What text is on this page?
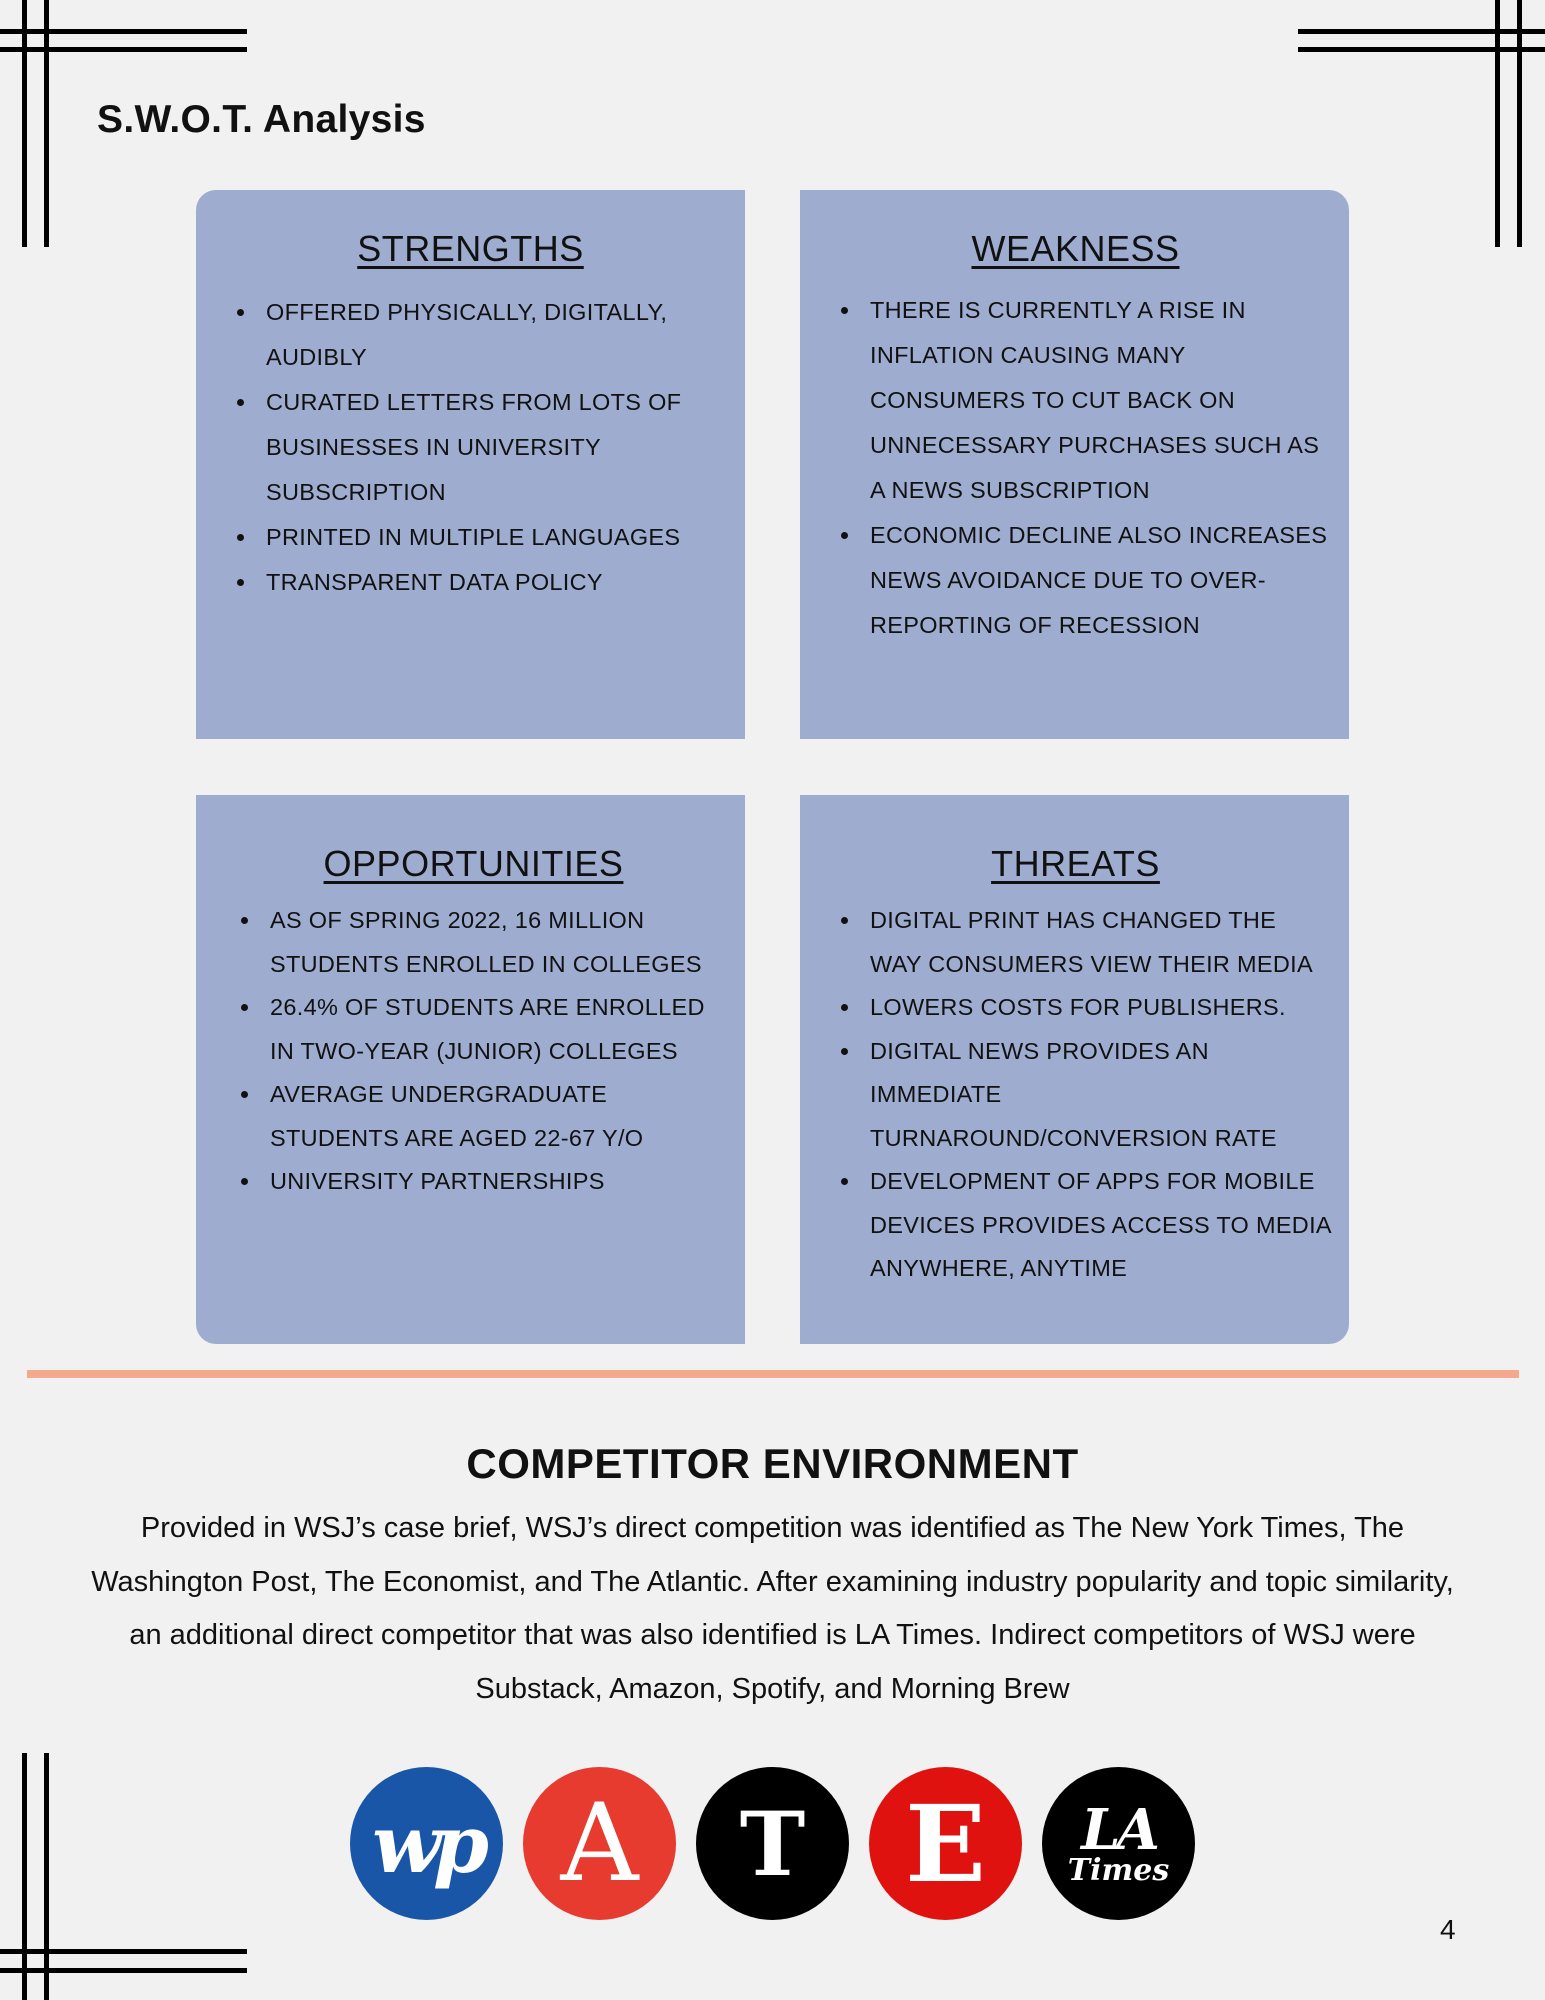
S.W.O.T. Analysis
STRENGTHS
• OFFERED PHYSICALLY, DIGITALLY, AUDIBLY
• CURATED LETTERS FROM LOTS OF BUSINESSES IN UNIVERSITY SUBSCRIPTION
• PRINTED IN MULTIPLE LANGUAGES
• TRANSPARENT DATA POLICY
WEAKNESS
• THERE IS CURRENTLY A RISE IN INFLATION CAUSING MANY CONSUMERS TO CUT BACK ON UNNECESSARY PURCHASES SUCH AS A NEWS SUBSCRIPTION
• ECONOMIC DECLINE ALSO INCREASES NEWS AVOIDANCE DUE TO OVER-REPORTING OF RECESSION
OPPORTUNITIES
• AS OF SPRING 2022, 16 MILLION STUDENTS ENROLLED IN COLLEGES
• 26.4% OF STUDENTS ARE ENROLLED IN TWO-YEAR (JUNIOR) COLLEGES
• AVERAGE UNDERGRADUATE STUDENTS ARE AGED 22-67 Y/O
• UNIVERSITY PARTNERSHIPS
THREATS
• DIGITAL PRINT HAS CHANGED THE WAY CONSUMERS VIEW THEIR MEDIA
• LOWERS COSTS FOR PUBLISHERS.
• DIGITAL NEWS PROVIDES AN IMMEDIATE TURNAROUND/CONVERSION RATE
• DEVELOPMENT OF APPS FOR MOBILE DEVICES PROVIDES ACCESS TO MEDIA ANYWHERE, ANYTIME
COMPETITOR ENVIRONMENT

Provided in WSJ’s case brief, WSJ’s direct competition was identified as The New York Times, The Washington Post, The Economist, and The Atlantic. After examining industry popularity and topic similarity, an additional direct competitor that was also identified is LA Times. Indirect competitors of WSJ were Substack, Amazon, Spotify, and Morning Brew

wp A T E LA
Times
4
